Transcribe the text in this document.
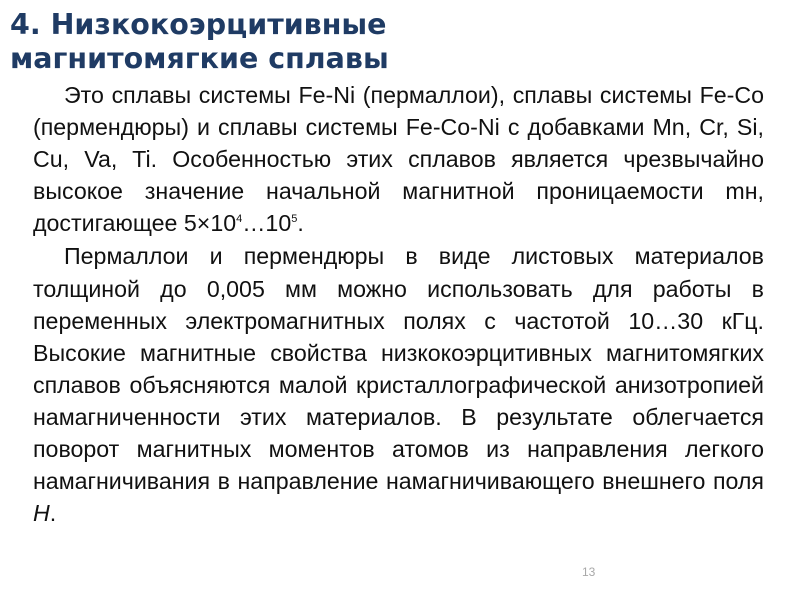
4. Низкокоэрцитивные
магнитомягкие сплавы

Это сплавы системы Fe-Ni (пермаллои), сплавы системы Fe-Co (пермендюры) и сплавы системы Fe-Co-Ni с добавками Mn, Cr, Si, Cu, Va, Ti. Особенностью этих сплавов является чрезвычайно высокое значение начальной магнитной проницаемости mн, достигающее $5\times 10^4\dots 10^5$.

Пермаллои и пермендюры в виде листовых материалов толщиной до 0,005 мм можно использовать для работы в переменных электромагнитных полях с частотой 10…30 кГц. Высокие магнитные свойства низкокоэрцитивных магнитомягких сплавов объясняются малой кристаллографической анизотропией намагниченности этих материалов. В результате облегчается поворот магнитных моментов атомов из направления легкого намагничивания в направление намагничивающего внешнего поля H.

13
